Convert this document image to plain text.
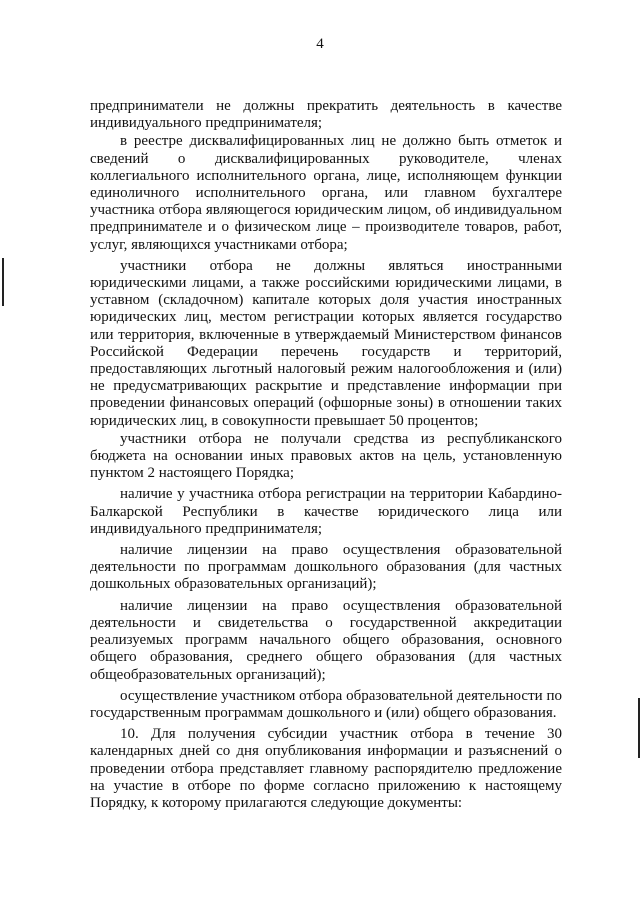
4

предприниматели не должны прекратить деятельность в качестве индивидуального предпринимателя;

в реестре дисквалифицированных лиц не должно быть отметок и сведений о дисквалифицированных руководителе, членах коллегиального исполнительного органа, лице, исполняющем функции единоличного исполнительного органа, или главном бухгалтере участника отбора являющегося юридическим лицом, об индивидуальном предпринимателе и о физическом лице – производителе товаров, работ, услуг, являющихся участниками отбора;

участники отбора не должны являться иностранными юридическими лицами, а также российскими юридическими лицами, в уставном (складочном) капитале которых доля участия иностранных юридических лиц, местом регистрации которых является государство или территория, включенные в утверждаемый Министерством финансов Российской Федерации перечень государств и территорий, предоставляющих льготный налоговый режим налогообложения и (или) не предусматривающих раскрытие и представление информации при проведении финансовых операций (офшорные зоны) в отношении таких юридических лиц, в совокупности превышает 50 процентов;

участники отбора не получали средства из республиканского бюджета на основании иных правовых актов на цель, установленную пунктом 2 настоящего Порядка;

наличие у участника отбора регистрации на территории Кабардино-Балкарской Республики в качестве юридического лица или индивидуального предпринимателя;

наличие лицензии на право осуществления образовательной деятельности по программам дошкольного образования (для частных дошкольных образовательных организаций);

наличие лицензии на право осуществления образовательной деятельности и свидетельства о государственной аккредитации реализуемых программ начального общего образования, основного общего образования, среднего общего образования (для частных общеобразовательных организаций);

осуществление участником отбора образовательной деятельности по государственным программам дошкольного и (или) общего образования.

10. Для получения субсидии участник отбора в течение 30 календарных дней со дня опубликования информации и разъяснений о проведении отбора представляет главному распорядителю предложение на участие в отборе по форме согласно приложению к настоящему Порядку, к которому прилагаются следующие документы:
